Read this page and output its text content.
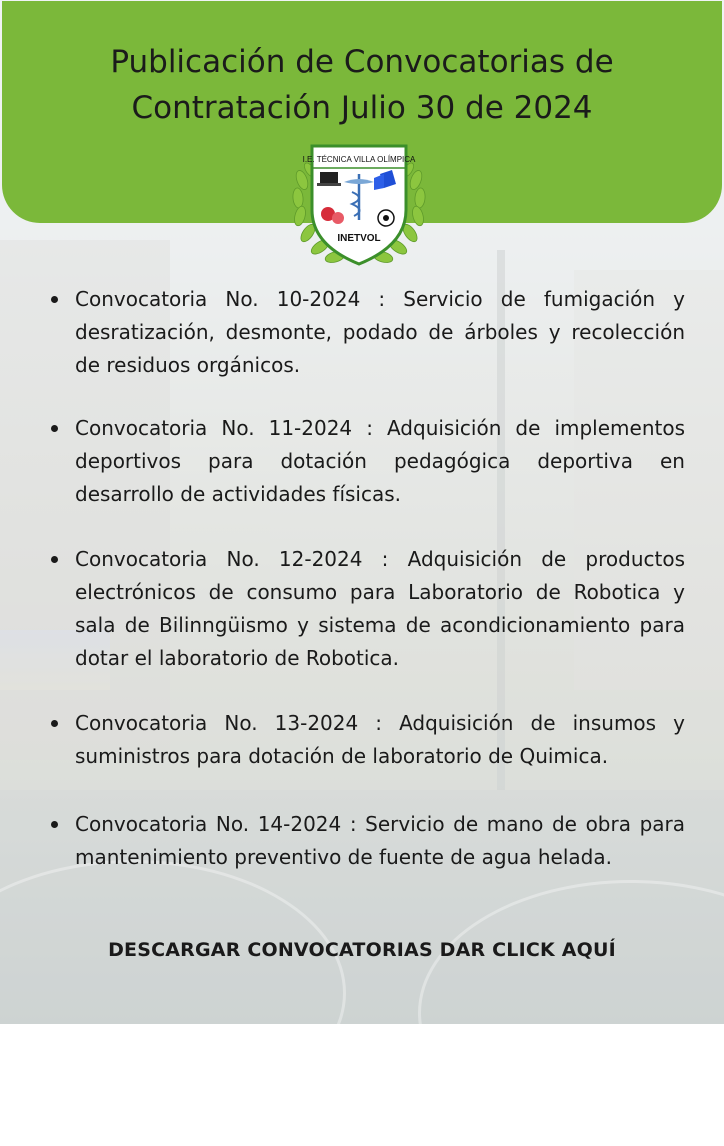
Publicación de Convocatorias de
Contratación Julio 30 de 2024
I.E. TÉCNICA VILLA OLÍMPICA
INETVOL
Convocatoria No. 10-2024 : Servicio de fumigación y desratización, desmonte, podado de árboles y recolección de residuos orgánicos.
Convocatoria No. 11-2024 : Adquisición de implementos deportivos para dotación pedagógica deportiva en desarrollo de actividades físicas.
Convocatoria No. 12-2024 : Adquisición de productos electrónicos de consumo para Laboratorio de Robotica y sala de Bilinngüismo y sistema de acondicionamiento para dotar el laboratorio de Robotica.
Convocatoria No. 13-2024 : Adquisición de insumos y suministros para dotación de laboratorio de Quimica.
Convocatoria No. 14-2024 : Servicio de mano de obra para mantenimiento preventivo de fuente de agua helada.
DESCARGAR CONVOCATORIAS DAR CLICK AQUÍ
